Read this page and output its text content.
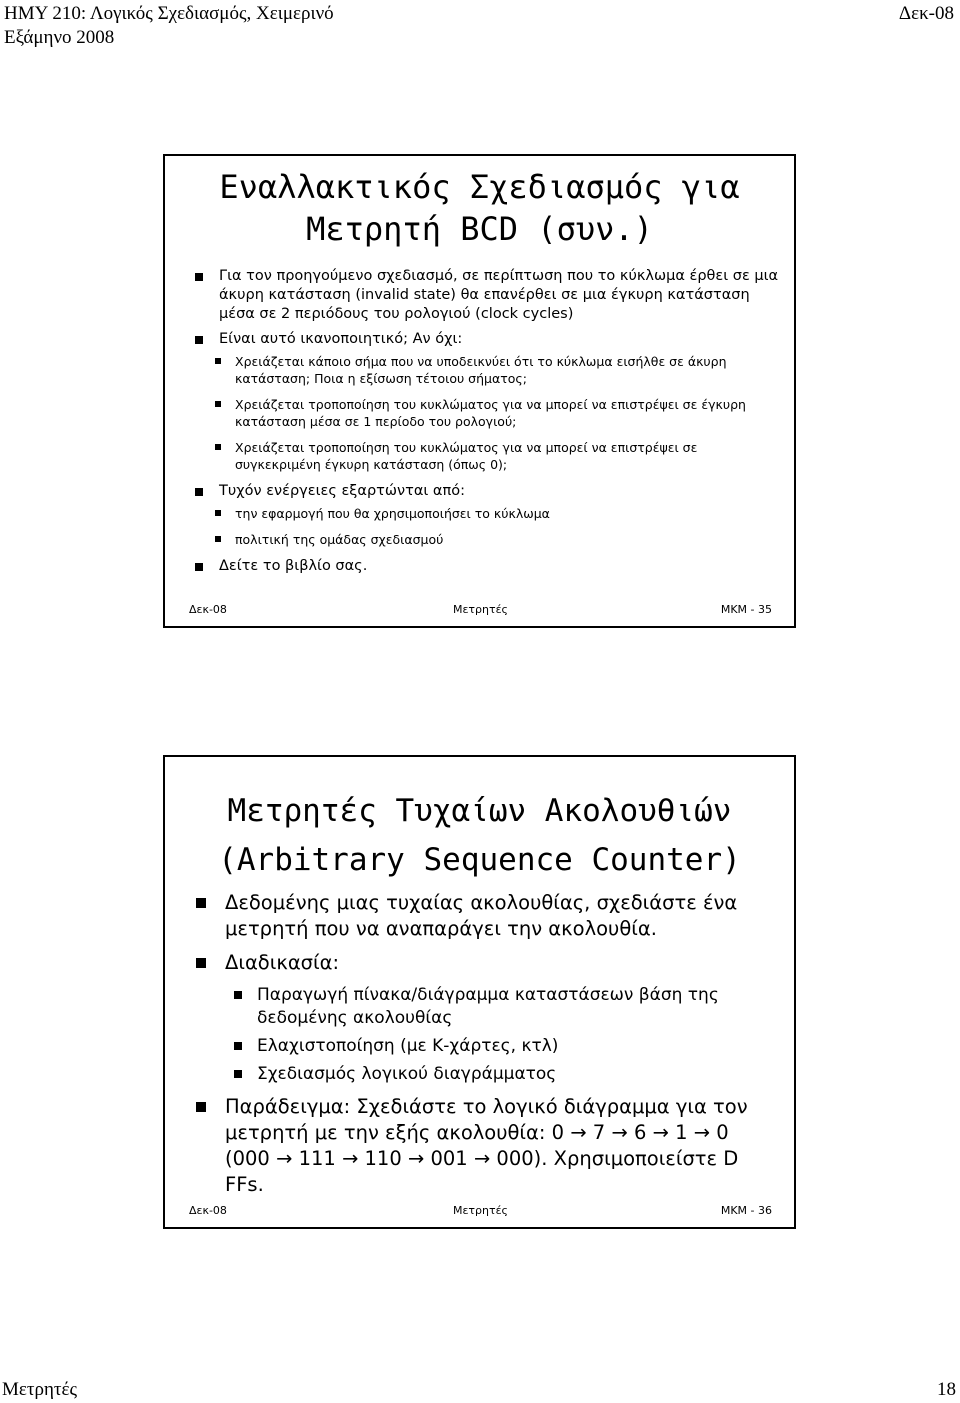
ΗΜΥ 210: Λογικός Σχεδιασμός, Χειμερινό
Εξάμηνο 2008
Δεκ-08
Εναλλακτικός Σχεδιασμός για
Μετρητή BCD (συν.)
Για τον προηγούμενο σχεδιασμό, σε περίπτωση που το κύκλωμα έρθει σε μια άκυρη κατάσταση (invalid state) θα επανέρθει σε μια έγκυρη κατάσταση μέσα σε 2 περιόδους του ρολογιού (clock cycles)
Είναι αυτό ικανοποιητικό; Αν όχι:
Χρειάζεται κάποιο σήμα που να υποδεικνύει ότι το κύκλωμα εισήλθε σε άκυρη κατάσταση; Ποια η εξίσωση τέτοιου σήματος;
Χρειάζεται τροποποίηση του κυκλώματος για να μπορεί να επιστρέψει σε έγκυρη κατάσταση μέσα σε 1 περίοδο του ρολογιού;
Χρειάζεται τροποποίηση του κυκλώματος για να μπορεί να επιστρέψει σε συγκεκριμένη έγκυρη κατάσταση (όπως 0);
Τυχόν ενέργειες εξαρτώνται από:
την εφαρμογή που θα χρησιμοποιήσει το κύκλωμα
πολιτική της ομάδας σχεδιασμού
Δείτε το βιβλίο σας.
Δεκ-08	Μετρητές	ΜΚΜ - 35
Μετρητές Τυχαίων Ακολουθιών
(Arbitrary Sequence Counter)
Δεδομένης μιας τυχαίας ακολουθίας, σχεδιάστε ένα μετρητή που να αναπαράγει την ακολουθία.
Διαδικασία:
Παραγωγή πίνακα/διάγραμμα καταστάσεων βάση της δεδομένης ακολουθίας
Ελαχιστοποίηση (με Κ-χάρτες, κτλ)
Σχεδιασμός λογικού διαγράμματος
Παράδειγμα: Σχεδιάστε το λογικό διάγραμμα για τον μετρητή με την εξής ακολουθία: 0 → 7 → 6 → 1 → 0 (000 → 111 → 110 → 001 → 000). Χρησιμοποιείστε D FFs.
Δεκ-08	Μετρητές	ΜΚΜ - 36
Μετρητές	18
